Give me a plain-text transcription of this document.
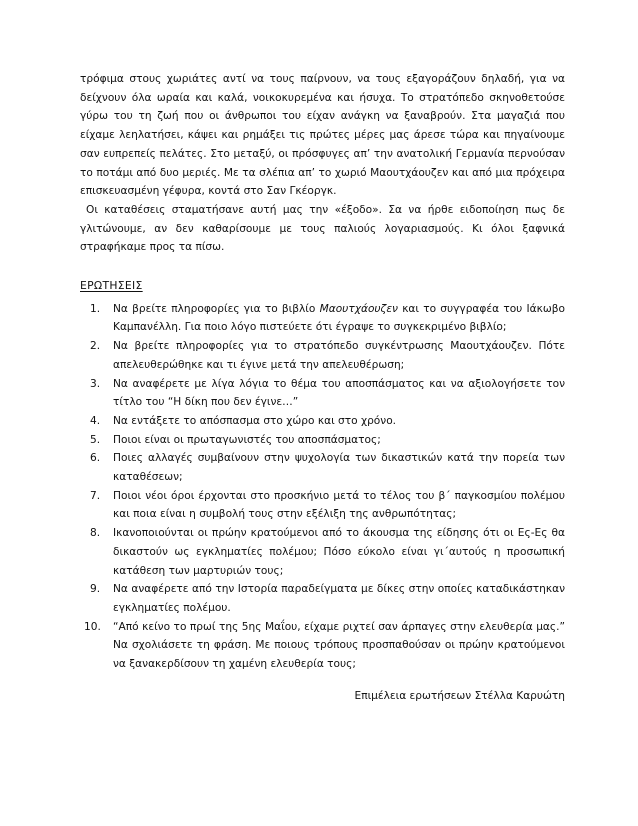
τρόφιμα στους χωριάτες αντί να τους παίρνουν, να τους εξαγοράζουν δηλαδή, για να δείχνουν όλα ωραία και καλά, νοικοκυρεμένα και ήσυχα. Το στρατόπεδο σκηνοθετούσε γύρω του τη ζωή που οι άνθρωποι του είχαν ανάγκη να ξαναβρούν. Στα μαγαζιά που είχαμε λεηλατήσει, κάψει και ρημάξει τις πρώτες μέρες μας άρεσε τώρα και πηγαίνουμε σαν ευπρεπείς πελάτες. Στο μεταξύ, οι πρόσφυγες απ’ την ανατολική Γερμανία περνούσαν το ποτάμι από δυο μεριές. Με τα σλέπια απ’ το χωριό Μαουτχάουζεν και από μια πρόχειρα επισκευασμένη γέφυρα, κοντά στο Σαν Γκέοργκ.

Οι καταθέσεις σταματήσανε αυτή μας την «έξοδο». Σα να ήρθε ειδοποίηση πως δε γλιτώνουμε, αν δεν καθαρίσουμε με τους παλιούς λογαριασμούς. Κι όλοι ξαφνικά στραφήκαμε προς τα πίσω.

ΕΡΩΤΗΣΕΙΣ
1. Να βρείτε πληροφορίες για το βιβλίο Μαουτχάουζεν και το συγγραφέα του Ιάκωβο Καμπανέλλη. Για ποιο λόγο πιστεύετε ότι έγραψε το συγκεκριμένο βιβλίο;
2. Να βρείτε πληροφορίες για το στρατόπεδο συγκέντρωσης Μαουτχάουζεν. Πότε απελευθερώθηκε και τι έγινε μετά την απελευθέρωση;
3. Να αναφέρετε με λίγα λόγια το θέμα του αποσπάσματος και να αξιολογήσετε τον τίτλο του “Η δίκη που δεν έγινε…”
4. Να εντάξετε το απόσπασμα στο χώρο και στο χρόνο.
5. Ποιοι είναι οι πρωταγωνιστές του αποσπάσματος;
6. Ποιες αλλαγές συμβαίνουν στην ψυχολογία των δικαστικών κατά την πορεία των καταθέσεων;
7. Ποιοι νέοι όροι έρχονται στο προσκήνιο μετά το τέλος του β΄ παγκοσμίου πολέμου και ποια είναι η συμβολή τους στην εξέλιξη της ανθρωπότητας;
8. Ικανοποιούνται οι πρώην κρατούμενοι από το άκουσμα της είδησης ότι οι Ες-Ες θα δικαστούν ως εγκληματίες πολέμου; Πόσο εύκολο είναι γι΄αυτούς η προσωπική κατάθεση των μαρτυριών τους;
9. Να αναφέρετε από την Ιστορία παραδείγματα με δίκες στην οποίες καταδικάστηκαν εγκληματίες πολέμου.
10. “Από κείνο το πρωί της 5ης Μαΐου, είχαμε ριχτεί σαν άρπαγες στην ελευθερία μας.” Να σχολιάσετε τη φράση. Με ποιους τρόπους προσπαθούσαν οι πρώην κρατούμενοι να ξανακερδίσουν τη χαμένη ελευθερία τους;
Επιμέλεια ερωτήσεων Στέλλα Καρυώτη
